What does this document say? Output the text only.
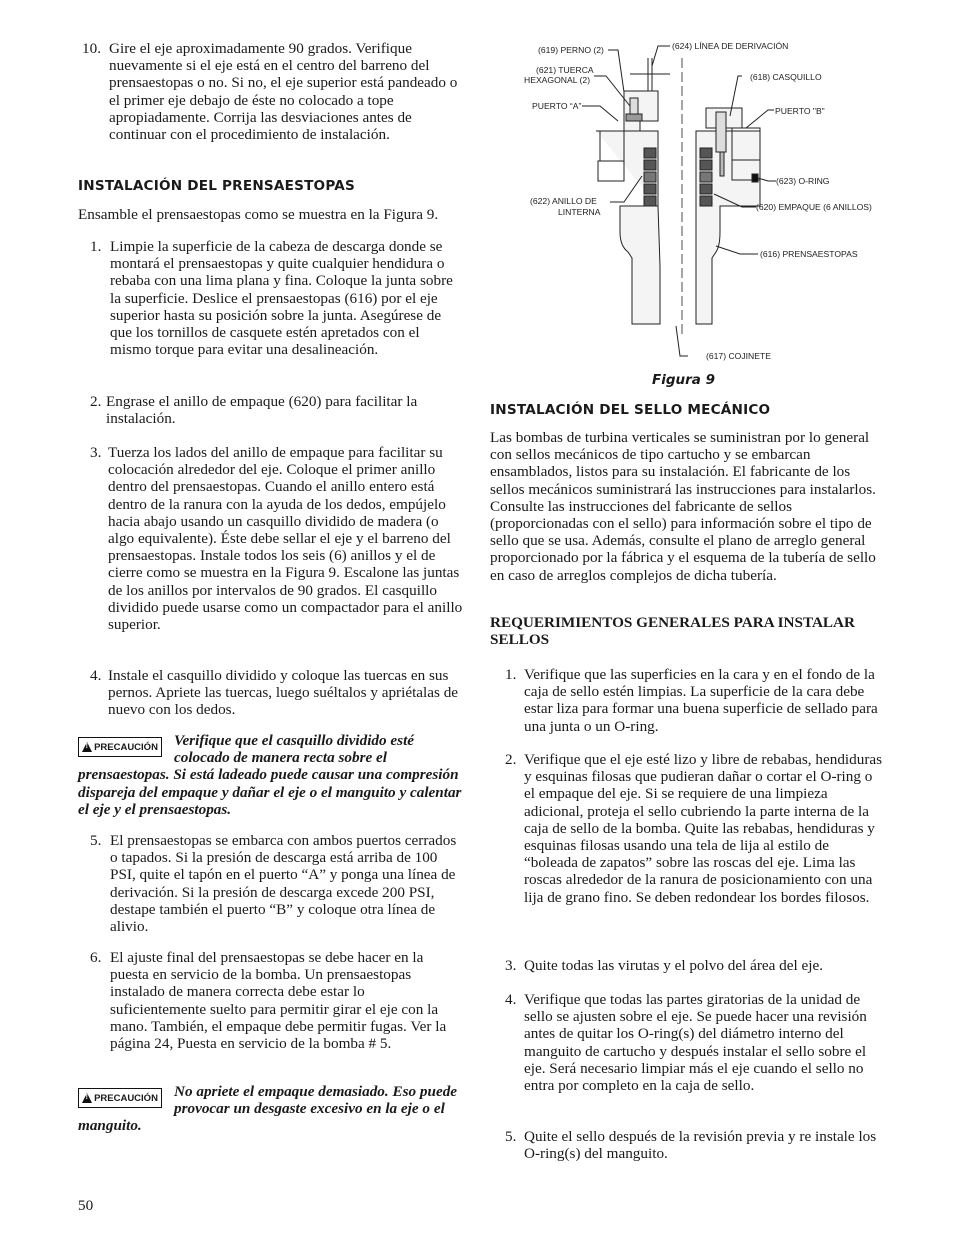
10. Gire el eje aproximadamente 90 grados. Verifique nuevamente si el eje está en el centro del barreno del prensaestopas o no. Si no, el eje superior está pandeado o el primer eje debajo de éste no colocado a tope apropiadamente. Corrija las desviaciones antes de continuar con el procedimiento de instalación.
INSTALACIÓN DEL PRENSAESTOPAS

Ensamble el prensaestopas como se muestra en la Figura 9.

1. Limpie la superficie de la cabeza de descarga donde se montará el prensaestopas y quite cualquier hendidura o rebaba con una lima plana y fina. Coloque la junta sobre la superficie. Deslice el prensaestopas (616) por el eje superior hasta su posición sobre la junta. Asegúrese de que los tornillos de casquete estén apretados con el mismo torque para evitar una desalineación.
2. Engrase el anillo de empaque (620) para facilitar la instalación.
3. Tuerza los lados del anillo de empaque para facilitar su colocación alrededor del eje. Coloque el primer anillo dentro del prensaestopas. Cuando el anillo entero está dentro de la ranura con la ayuda de los dedos, empújelo hacia abajo usando un casquillo dividido de madera (o algo equivalente). Éste debe sellar el eje y el barreno del prensaestopas. Instale todos los seis (6) anillos y el de cierre como se muestra en la Figura 9. Escalone las juntas de los anillos por intervalos de 90 grados. El casquillo dividido puede usarse como un compactador para el anillo superior.
4. Instale el casquillo dividido y coloque las tuercas en sus pernos. Apriete las tuercas, luego suéltalos y apriétalas de nuevo con los dedos.
!
PRECAUCIÓN	Verifique que el casquillo dividido esté colocado de manera recta sobre el prensaestopas. Si está ladeado puede causar una compresión dispareja del empaque y dañar el eje o el manguito y calentar el eje y el prensaestopas.
5. El prensaestopas se embarca con ambos puertos cerrados o tapados. Si la presión de descarga está arriba de 100 PSI, quite el tapón en el puerto “A” y ponga una línea de derivación. Si la presión de descarga excede 200 PSI, destape también el puerto “B” y coloque otra línea de alivio.
6. El ajuste final del prensaestopas se debe hacer en la puesta en servicio de la bomba. Un prensaestopas instalado de manera correcta debe estar lo suficientemente suelto para permitir girar el eje con la mano. También, el empaque debe permitir fugas. Ver la página 24, Puesta en servicio de la bomba # 5.
!
PRECAUCIÓN	No apriete el empaque demasiado. Eso puede provocar un desgaste excesivo en la eje o el manguito.
50
(619) PERNO (2)	(624) LÍNEA DE DERIVACIÓN
(621) TUERCA
HEXAGONAL (2)	(618) CASQUILLO
PUERTO “A”	PUERTO "B"
(623) O-RING
(622) ANILLO DE
LINTERNA	(620) EMPAQUE (6 ANILLOS)
(616) PRENSAESTOPAS
(617) COJINETE
Figura 9
INSTALACIÓN DEL SELLO MECÁNICO

Las bombas de turbina verticales se suministran por lo general con sellos mecánicos de tipo cartucho y se embarcan ensamblados, listos para su instalación. El fabricante de los sellos mecánicos suministrará las instrucciones para instalarlos. Consulte las instrucciones del fabricante de sellos (proporcionadas con el sello) para información sobre el tipo de sello que se usa. Además, consulte el plano de arreglo general proporcionado por la fábrica y el esquema de la tubería de sello en caso de arreglos complejos de dicha tubería.

REQUERIMIENTOS GENERALES PARA INSTALAR SELLOS
1. Verifique que las superficies en la cara y en el fondo de la caja de sello estén limpias. La superficie de la cara debe estar liza para formar una buena superficie de sellado para una junta o un O-ring.
2. Verifique que el eje esté lizo y libre de rebabas, hendiduras y esquinas filosas que pudieran dañar o cortar el O-ring o el empaque del eje. Si se requiere de una limpieza adicional, proteja el sello cubriendo la parte interna de la caja de sello de la bomba. Quite las rebabas, hendiduras y esquinas filosas usando una tela de lija al estilo de “boleada de zapatos” sobre las roscas del eje. Lima las roscas alrededor de la ranura de posicionamiento con una lija de grano fino. Se deben redondear los bordes filosos.
3. Quite todas las virutas y el polvo del área del eje.
4. Verifique que todas las partes giratorias de la unidad de sello se ajusten sobre el eje. Se puede hacer una revisión antes de quitar los O-ring(s) del diámetro interno del manguito de cartucho y después instalar el sello sobre el eje. Será necesario limpiar más el eje cuando el sello no entra por completo en la caja de sello.
5. Quite el sello después de la revisión previa y re instale los O-ring(s) del manguito.
